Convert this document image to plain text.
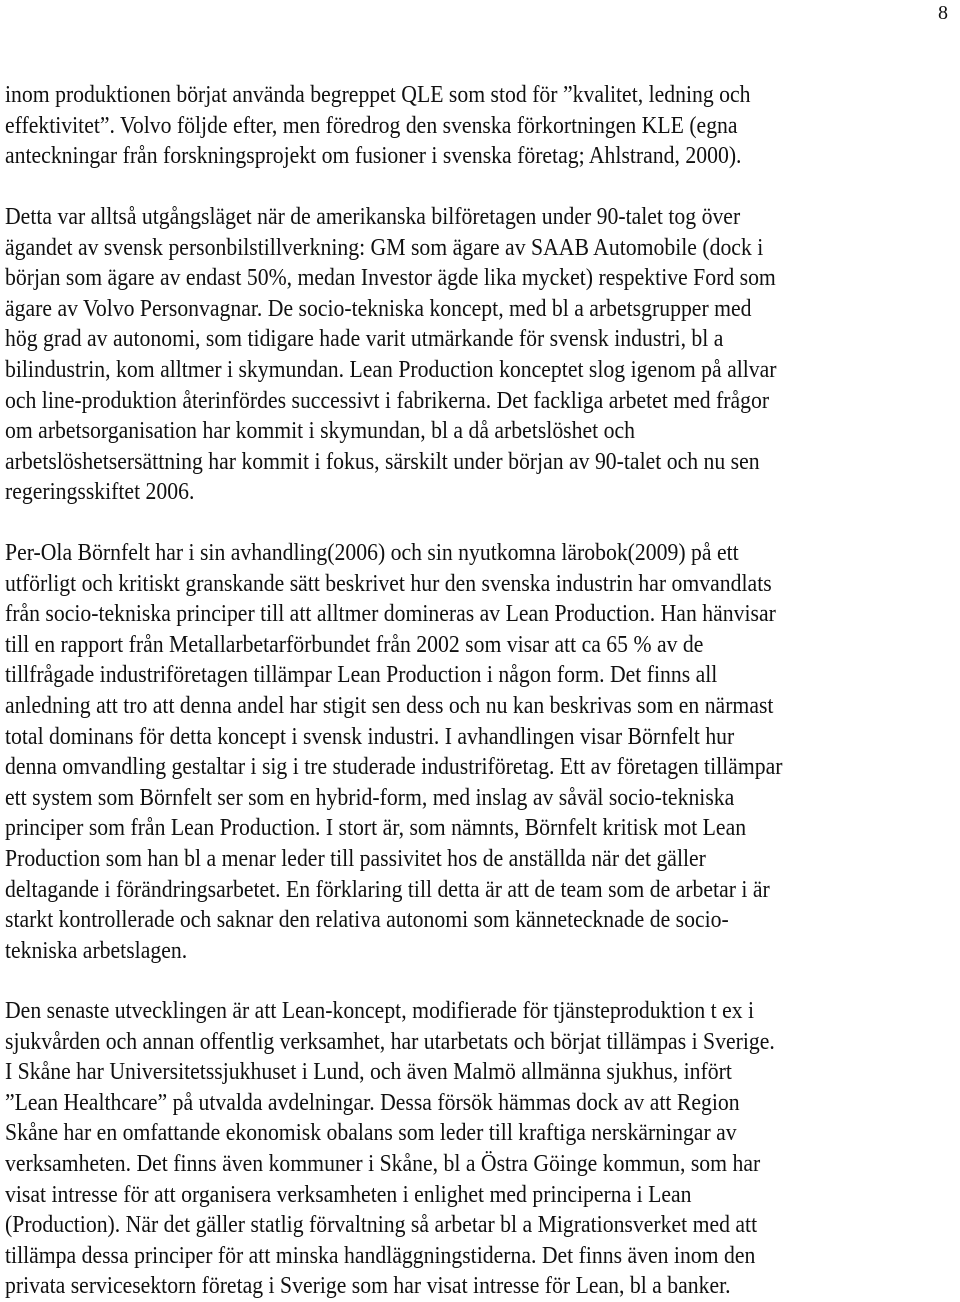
8
inom produktionen börjat använda begreppet QLE som stod för ”kvalitet, ledning och
effektivitet”. Volvo följde efter, men föredrog den svenska förkortningen KLE (egna
anteckningar från forskningsprojekt om fusioner i svenska företag; Ahlstrand, 2000).
Detta var alltså utgångsläget när de amerikanska bilföretagen under 90-talet tog över
ägandet av svensk personbilstillverkning: GM som ägare av SAAB Automobile (dock i
början som ägare av endast 50%, medan Investor ägde lika mycket) respektive Ford som
ägare av Volvo Personvagnar. De socio-tekniska koncept, med bl a arbetsgrupper med
hög grad av autonomi, som tidigare hade varit utmärkande för svensk industri, bl a
bilindustrin, kom alltmer i skymundan. Lean Production konceptet slog igenom på allvar
och line-produktion återinfördes successivt i fabrikerna. Det fackliga arbetet med frågor
om arbetsorganisation har kommit i skymundan, bl a då arbetslöshet och
arbetslöshetsersättning har kommit i fokus, särskilt under början av 90-talet och nu sen
regeringsskiftet 2006.
Per-Ola Börnfelt har i sin avhandling(2006) och sin nyutkomna lärobok(2009) på ett
utförligt och kritiskt granskande sätt beskrivet hur den svenska industrin har omvandlats
från socio-tekniska principer till att alltmer domineras av Lean Production. Han hänvisar
till en rapport från Metallarbetarförbundet från 2002 som visar att ca 65 % av de
tillfrågade industriföretagen tillämpar Lean Production i någon form. Det finns all
anledning att tro att denna andel har stigit sen dess och nu kan beskrivas som en närmast
total dominans för detta koncept i svensk industri. I avhandlingen visar Börnfelt hur
denna omvandling gestaltar i sig i tre studerade industriföretag. Ett av företagen tillämpar
ett system som Börnfelt ser som en hybrid-form, med inslag av såväl socio-tekniska
principer som från Lean Production. I stort är, som nämnts, Börnfelt kritisk mot Lean
Production som han bl a menar leder till passivitet hos de anställda när det gäller
deltagande i förändringsarbetet. En förklaring till detta är att de team som de arbetar i är
starkt kontrollerade och saknar den relativa autonomi som kännetecknade de socio-
tekniska arbetslagen.
Den senaste utvecklingen är att Lean-koncept, modifierade för tjänsteproduktion t ex i
sjukvården och annan offentlig verksamhet, har utarbetats och börjat tillämpas i Sverige.
I Skåne har Universitetssjukhuset i Lund, och även Malmö allmänna sjukhus, infört
”Lean Healthcare” på utvalda avdelningar. Dessa försök hämmas dock av att Region
Skåne har en omfattande ekonomisk obalans som leder till kraftiga nerskärningar av
verksamheten. Det finns även kommuner i Skåne, bl a Östra Göinge kommun, som har
visat intresse för att organisera verksamheten i enlighet med principerna i Lean
(Production). När det gäller statlig förvaltning så arbetar bl a Migrationsverket med att
tillämpa dessa principer för att minska handläggningstiderna. Det finns även inom den
privata servicesektorn företag i Sverige som har visat intresse för Lean, bl a banker.
